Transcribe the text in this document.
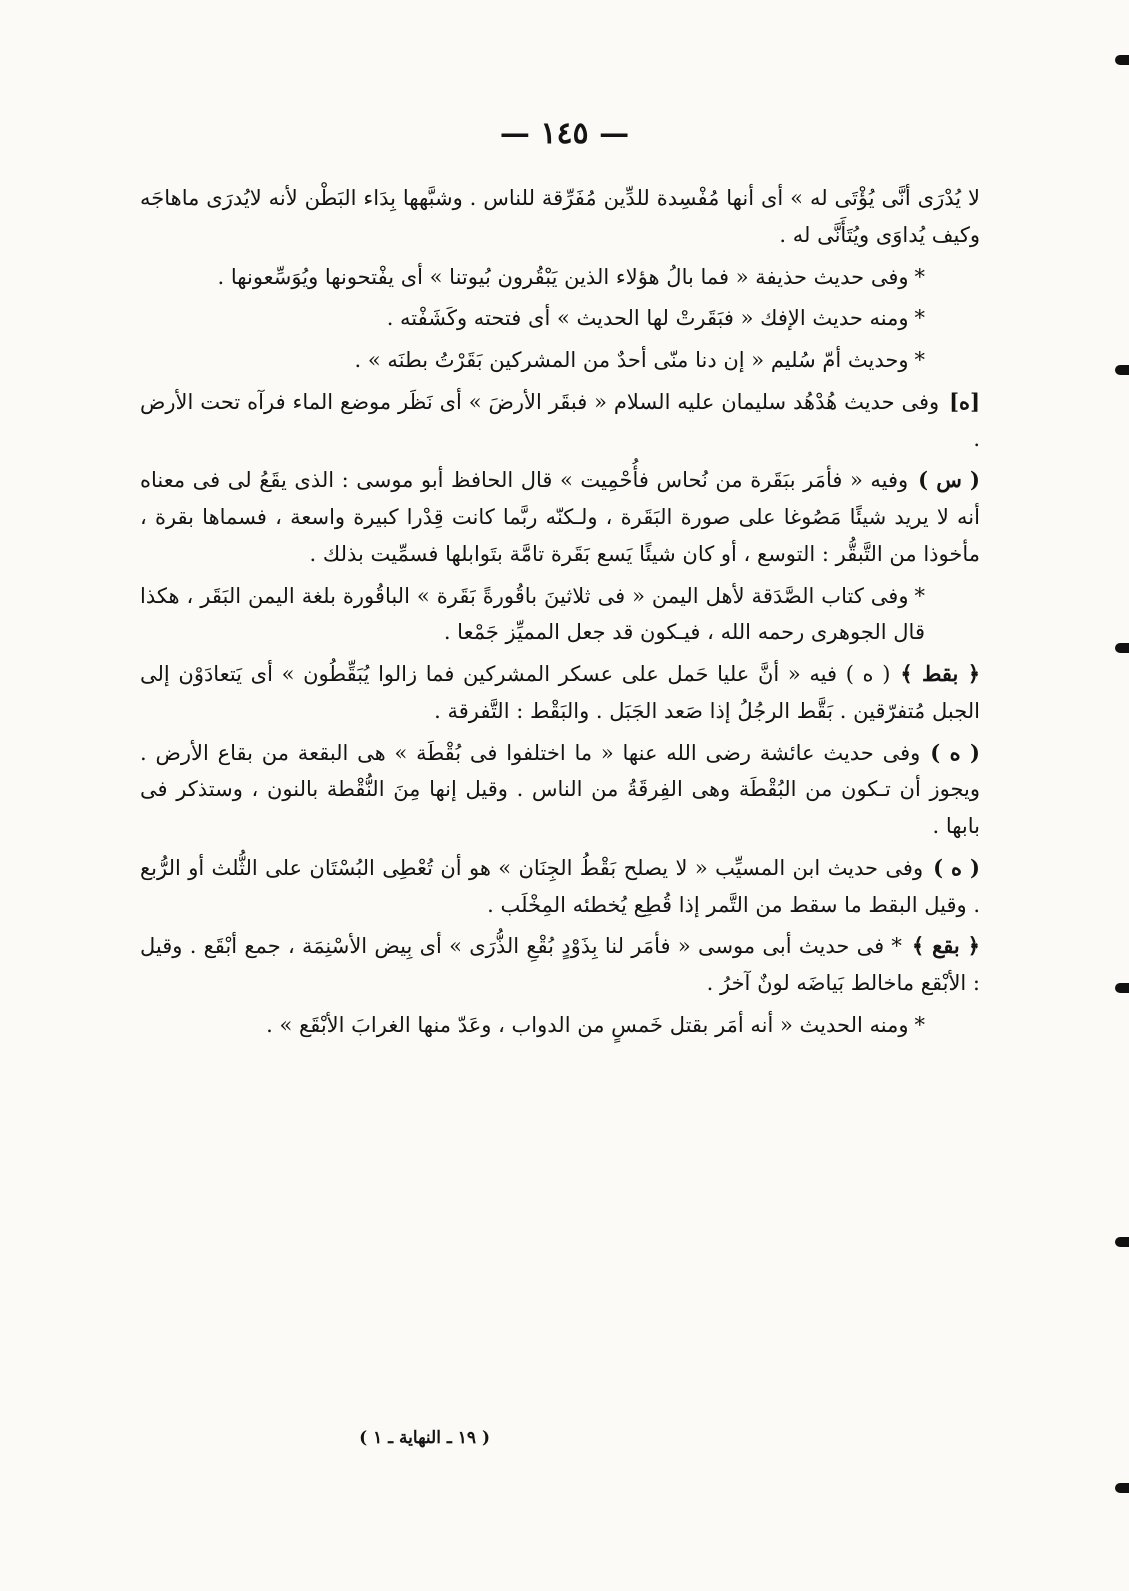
— ١٤٥ —

لا يُدْرَى أنَّى يُؤْتَى له » أى أنها مُفْسِدة للدِّين مُفَرِّقة للناس . وشبَّهها بِدَاء البَطْن لأنه لايُدرَى ماهاجَه وكيف يُداوَى ويُتَأَنَّى له .

*وفى حديث حذيفة « فما بالُ هؤلاء الذين يَبْقُرون بُيوتنا » أى يفْتحونها ويُوَسِّعونها .

*ومنه حديث الإفك « فبَقَرتْ لها الحديث » أى فتحته وكَشَفْته .

*وحديث أمّ سُليم « إن دنا منّى أحدٌ من المشركين بَقَرْتُ بطنَه » .

[ه]وفى حديث هُدْهُد سليمان عليه السلام « فبقَر الأرضَ » أى نَظَر موضع الماء فرآه تحت الأرض .

( س )وفيه « فأمَر ببَقَرة من نُحاس فأُحْمِيت » قال الحافظ أبو موسى : الذى يقَعُ لى فى معناه أنه لا يريد شيئًا مَصُوغا على صورة البَقَرة ، ولـكنّه ربَّما كانت قِدْرا كبيرة واسعة ، فسماها بقرة ، مأخوذا من التَّبقُّر : التوسع ، أو كان شيئًا يَسع بَقَرة تامَّة بتَوابلها فسمِّيت بذلك .

*وفى كتاب الصَّدَقة لأهل اليمن « فى ثلاثينَ باقُورةً بَقَرة » الباقُورة بلغة اليمن البَقَر ، هكذا قال الجوهرى رحمه الله ، فيـكون قد جعل المميِّز جَمْعا .

﴿ بقط ﴾( ه ) فيه « أنَّ عليا حَمل على عسكر المشركين فما زالوا يُبَقِّطُون » أى يَتعادَوْن إلى الجبل مُتفرّقين . بَقَّط الرجُلُ إذا صَعد الجَبَل . والبَقْط : التَّفرقة .

( ه )وفى حديث عائشة رضى الله عنها « ما اختلفوا فى بُقْطَة » هى البقعة من بقاع الأرض . ويجوز أن تـكون من البُقْطَة وهى الفِرقَةُ من الناس . وقيل إنها مِنَ النُّقْطة بالنون ، وستذكر فى بابها .

( ه )وفى حديث ابن المسيِّب « لا يصلح بَقْطُ الجِنَان » هو أن تُعْطِى البُسْتَان على الثُّلث أو الرُّبع . وقيل البقط ما سقط من التَّمر إذا قُطِع يُخطئه المِخْلَب .

﴿ بقع ﴾* فى حديث أبى موسى « فأمَر لنا بِذَوْدٍ بُقْعِ الذُّرَى » أى بِيض الأسْنِمَة ، جمع أبْقَع . وقيل : الأبْقع ماخالط بَياضَه لونٌ آخرُ .

*ومنه الحديث « أنه أمَر بقتل خَمسٍ من الدواب ، وعَدّ منها الغرابَ الأبْقَع » .

( ١٩ ـ النهاية ـ ١ )
